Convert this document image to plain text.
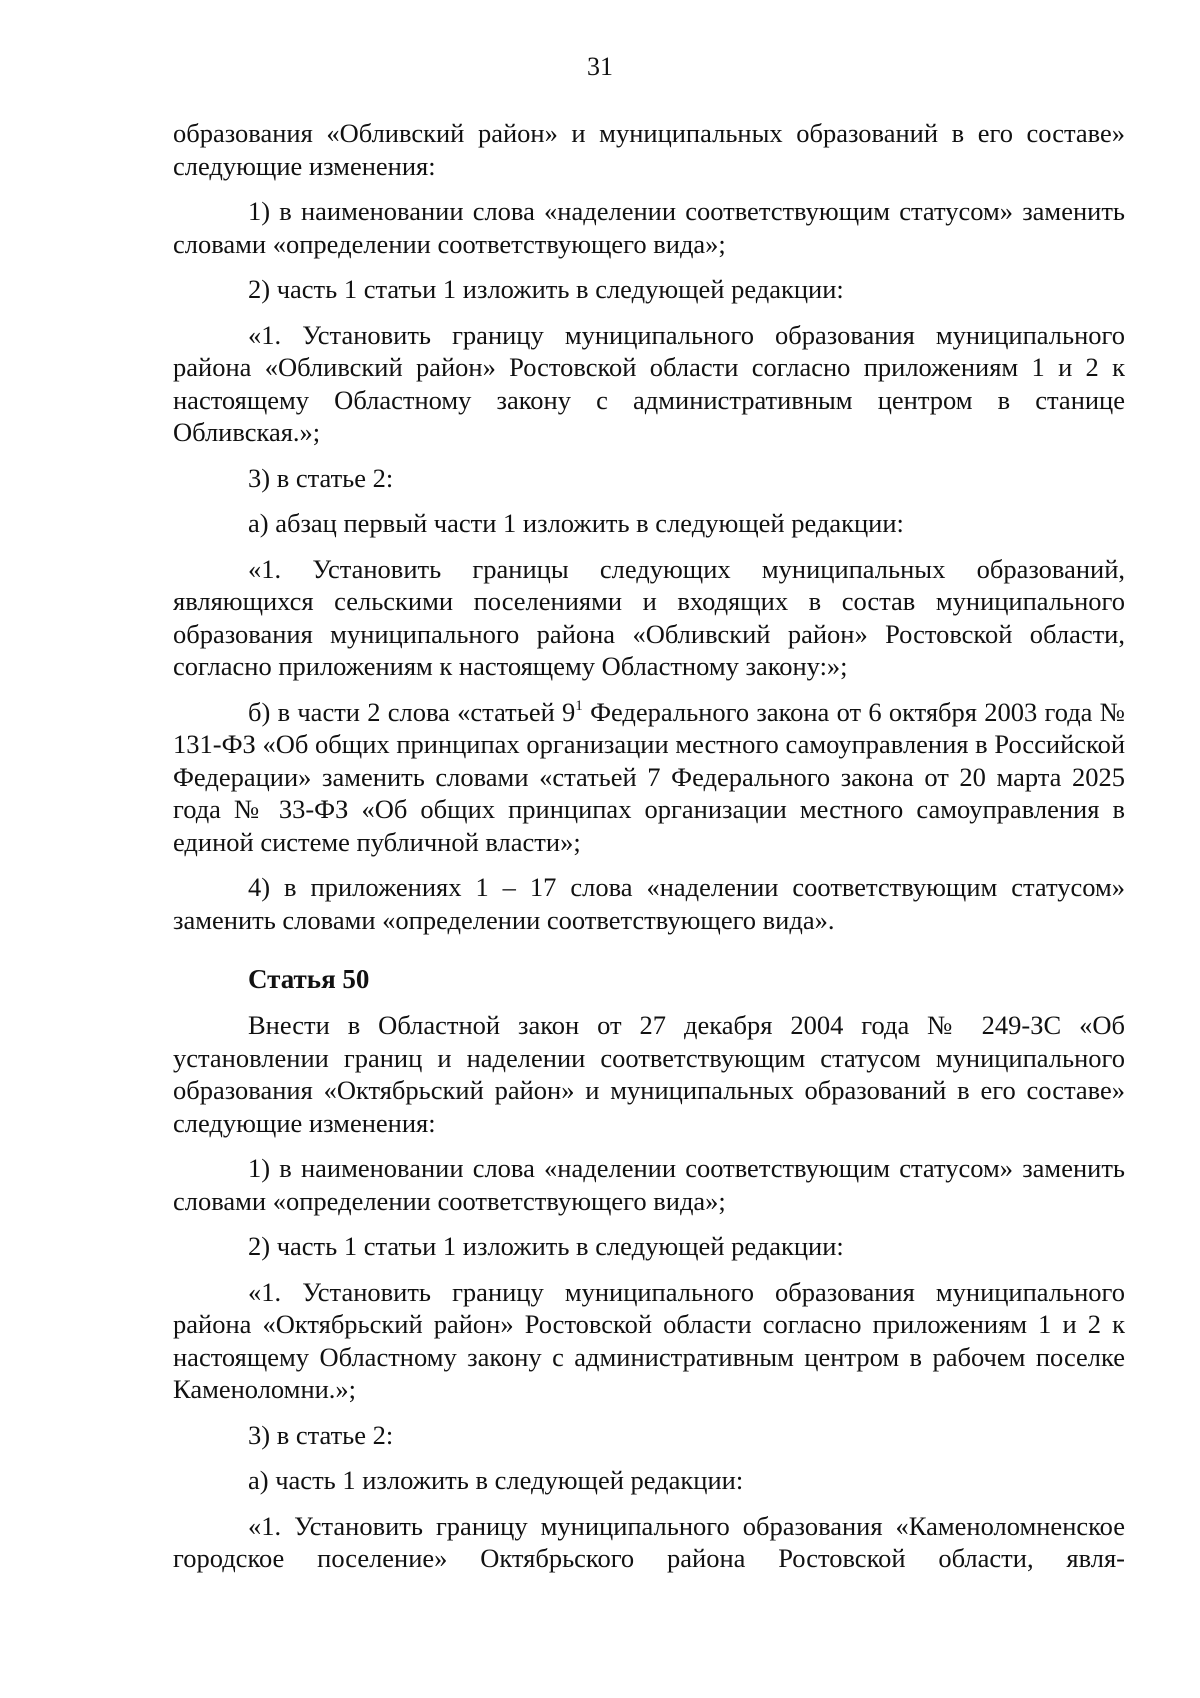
31

образования «Обливский район» и муниципальных образований в его составе» следующие изменения:

1) в наименовании слова «наделении соответствующим статусом» заменить словами «определении соответствующего вида»;

2) часть 1 статьи 1 изложить в следующей редакции:

«1. Установить границу муниципального образования муниципального района «Обливский район» Ростовской области согласно приложениям 1 и 2 к настоящему Областному закону с административным центром в станице Обливская.»;

3) в статье 2:

а) абзац первый части 1 изложить в следующей редакции:

«1. Установить границы следующих муниципальных образований, являющихся сельскими поселениями и входящих в состав муниципального образования муниципального района «Обливский район» Ростовской области, согласно приложениям к настоящему Областному закону:»;

б) в части 2 слова «статьей $9^1$ Федерального закона от 6 октября 2003 года № 131-ФЗ «Об общих принципах организации местного самоуправления в Российской Федерации» заменить словами «статьей 7 Федерального закона от 20 марта 2025 года № 33-ФЗ «Об общих принципах организации местного самоуправления в единой системе публичной власти»;

4) в приложениях 1 – 17 слова «наделении соответствующим статусом» заменить словами «определении соответствующего вида».

Статья 50

Внести в Областной закон от 27 декабря 2004 года № 249-ЗС «Об установлении границ и наделении соответствующим статусом муниципального образования «Октябрьский район» и муниципальных образований в его составе» следующие изменения:

1) в наименовании слова «наделении соответствующим статусом» заменить словами «определении соответствующего вида»;

2) часть 1 статьи 1 изложить в следующей редакции:

«1. Установить границу муниципального образования муниципального района «Октябрьский район» Ростовской области согласно приложениям 1 и 2 к настоящему Областному закону с административным центром в рабочем поселке Каменоломни.»;

3) в статье 2:

а) часть 1 изложить в следующей редакции:

«1. Установить границу муниципального образования «Каменоломненское городское поселение» Октябрьского района Ростовской области, явля-
